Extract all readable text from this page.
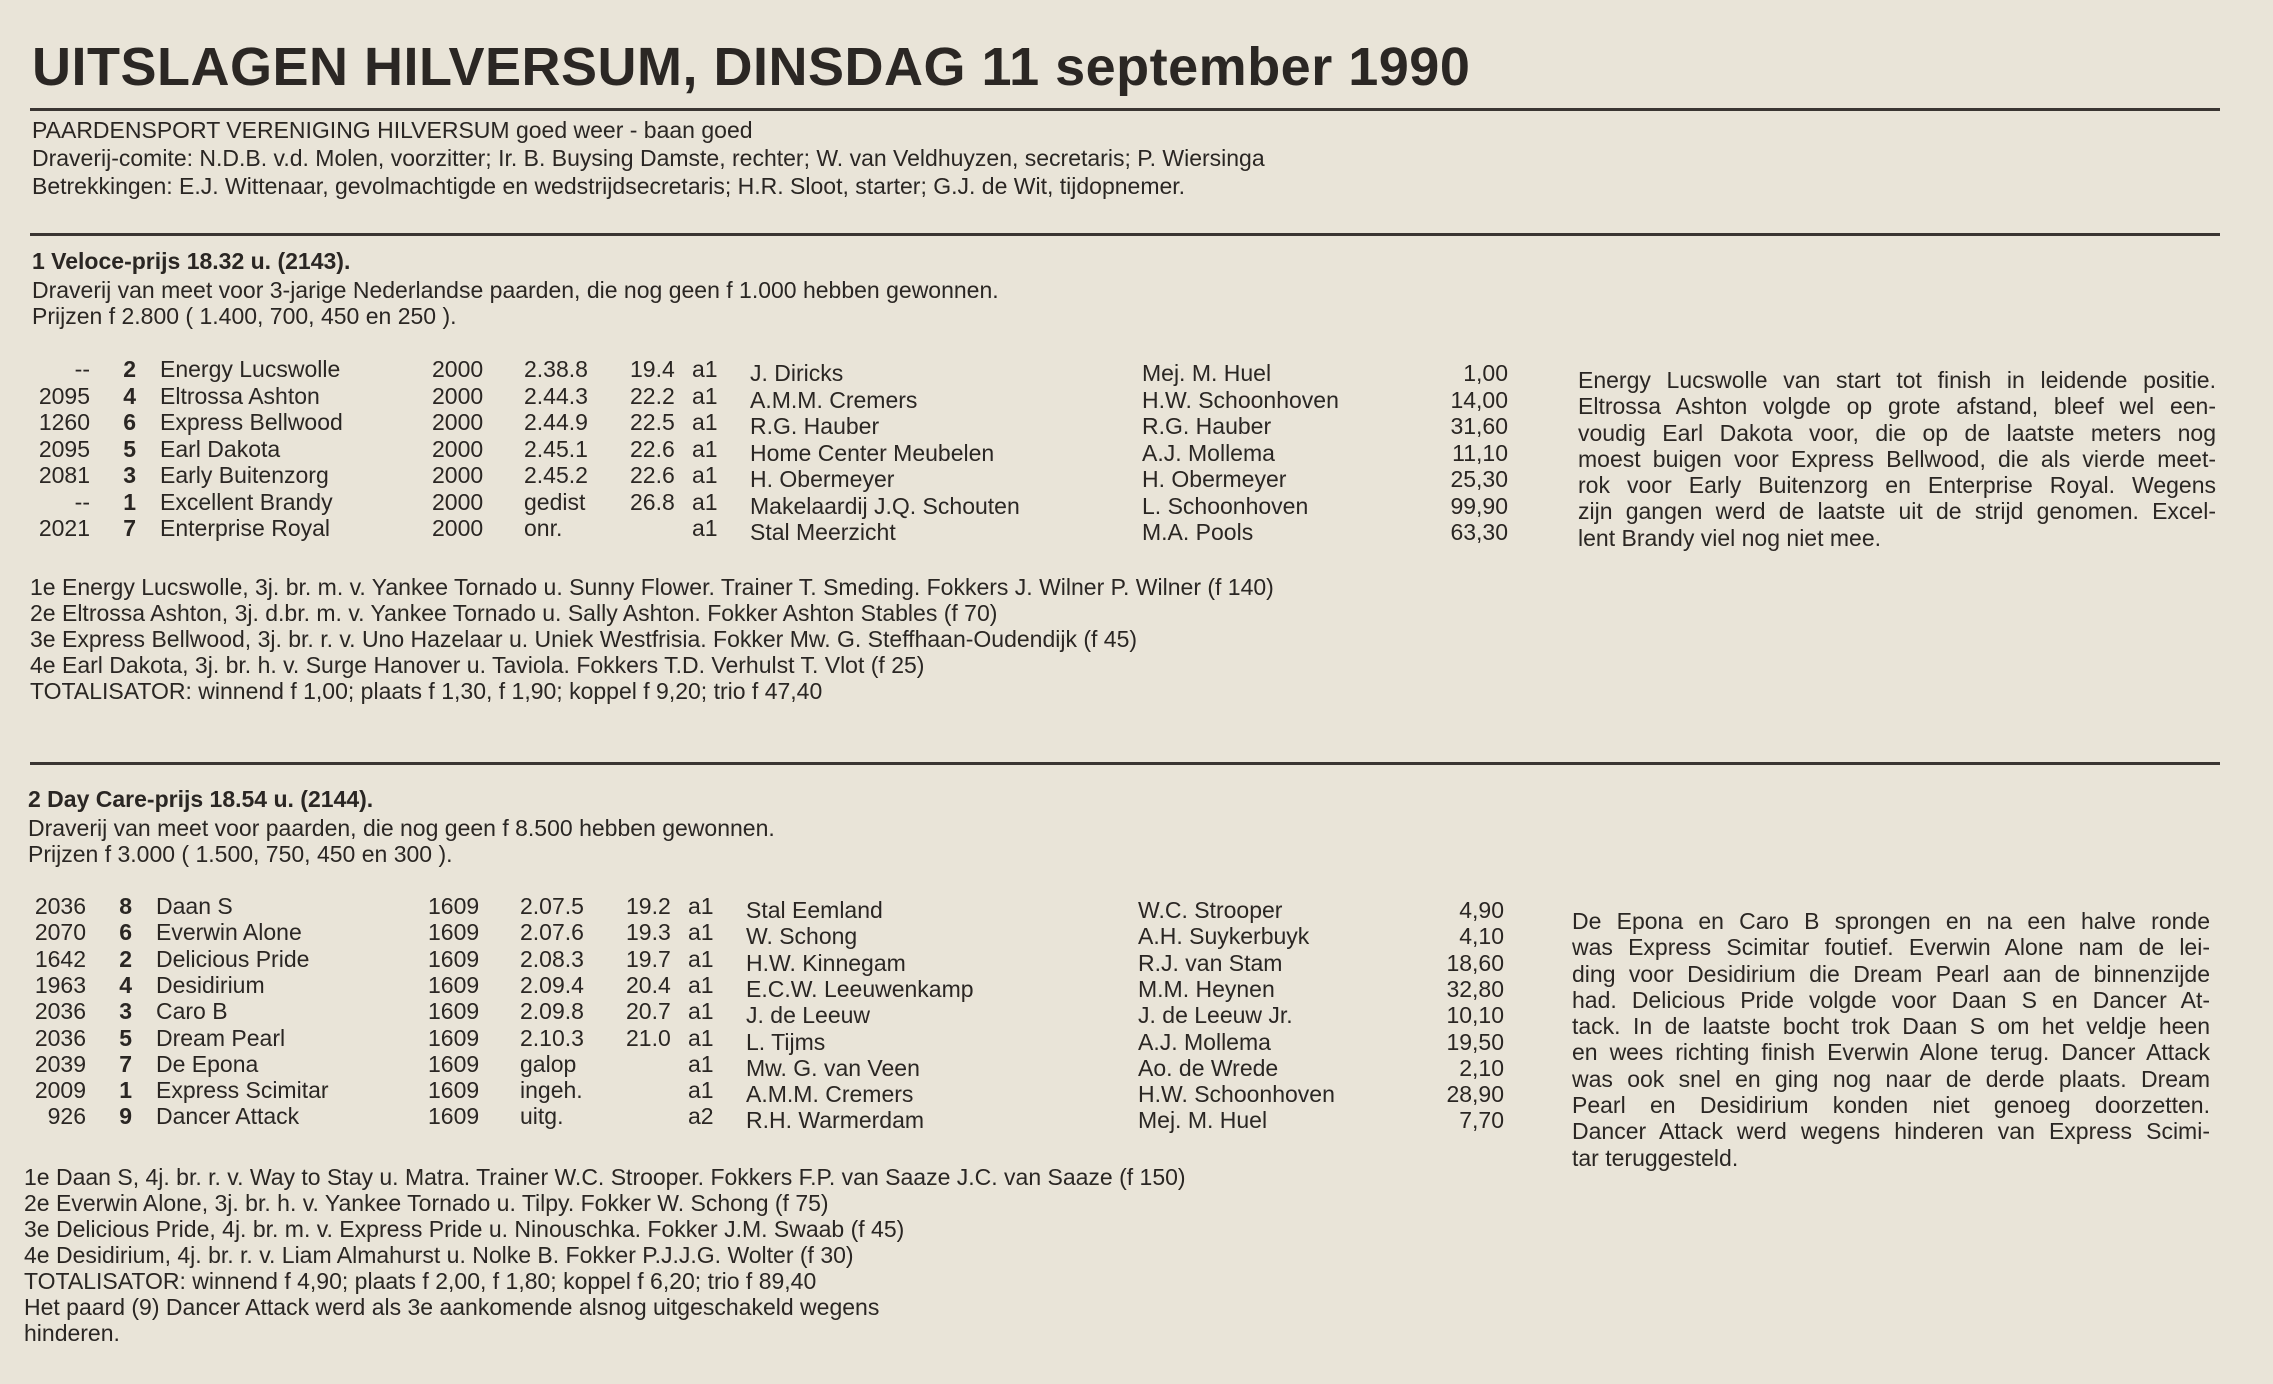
UITSLAGEN HILVERSUM, DINSDAG 11 september 1990
PAARDENSPORT VERENIGING HILVERSUM goed weer - baan goed
Draverij-comite: N.D.B. v.d. Molen, voorzitter; Ir. B. Buysing Damste, rechter; W. van Veldhuyzen, secretaris; P. Wiersinga
Betrekkingen: E.J. Wittenaar, gevolmachtigde en wedstrijdsecretaris; H.R. Sloot, starter; G.J. de Wit, tijdopnemer.
1 Veloce-prijs 18.32 u. (2143).
Draverij van meet voor 3-jarige Nederlandse paarden, die nog geen f 1.000 hebben gewonnen.
Prijzen f 2.800 ( 1.400, 700, 450 en 250 ).
-- 2 Energy Lucswolle	2000 2.38.8 19.4 a1 J. Diricks	Mej. M. Huel	1,00
2095 4 Eltrossa Ashton	2000 2.44.3 22.2 a1 A.M.M. Cremers	H.W. Schoonhoven	14,00
1260 6 Express Bellwood	2000 2.44.9 22.5 a1 R.G. Hauber	R.G. Hauber	31,60
2095 5 Earl Dakota	2000 2.45.1 22.6 a1 Home Center Meubelen	A.J. Mollema	11,10
2081 3 Early Buitenzorg	2000 2.45.2 22.6 a1 H. Obermeyer	H. Obermeyer	25,30
-- 1 Excellent Brandy	2000 gedist 26.8 a1 Makelaardij J.Q. Schouten	L. Schoonhoven	99,90
2021 7 Enterprise Royal	2000 onr.	a1 Stal Meerzicht	M.A. Pools	63,30
Energy Lucswolle van start tot finish in leidende positie.
Eltrossa Ashton volgde op grote afstand, bleef wel een-
voudig Earl Dakota voor, die op de laatste meters nog
moest buigen voor Express Bellwood, die als vierde meet-
rok voor Early Buitenzorg en Enterprise Royal. Wegens
zijn gangen werd de laatste uit de strijd genomen. Excel-
lent Brandy viel nog niet mee.
1e Energy Lucswolle, 3j. br. m. v. Yankee Tornado u. Sunny Flower. Trainer T. Smeding. Fokkers J. Wilner P. Wilner (f 140)
2e Eltrossa Ashton, 3j. d.br. m. v. Yankee Tornado u. Sally Ashton. Fokker Ashton Stables (f 70)
3e Express Bellwood, 3j. br. r. v. Uno Hazelaar u. Uniek Westfrisia. Fokker Mw. G. Steffhaan-Oudendijk (f 45)
4e Earl Dakota, 3j. br. h. v. Surge Hanover u. Taviola. Fokkers T.D. Verhulst T. Vlot (f 25)
TOTALISATOR: winnend f 1,00; plaats f 1,30, f 1,90; koppel f 9,20; trio f 47,40
2 Day Care-prijs 18.54 u. (2144).
Draverij van meet voor paarden, die nog geen f 8.500 hebben gewonnen.
Prijzen f 3.000 ( 1.500, 750, 450 en 300 ).
2036 8 Daan S	1609 2.07.5 19.2 a1 Stal Eemland	W.C. Strooper	4,90
2070 6 Everwin Alone	1609 2.07.6 19.3 a1 W. Schong	A.H. Suykerbuyk	4,10
1642 2 Delicious Pride	1609 2.08.3 19.7 a1 H.W. Kinnegam	R.J. van Stam	18,60
1963 4 Desidirium	1609 2.09.4 20.4 a1 E.C.W. Leeuwenkamp	M.M. Heynen	32,80
2036 3 Caro B	1609 2.09.8 20.7 a1 J. de Leeuw	J. de Leeuw Jr.	10,10
2036 5 Dream Pearl	1609 2.10.3 21.0 a1 L. Tijms	A.J. Mollema	19,50
2039 7 De Epona	1609 galop	a1 Mw. G. van Veen	Ao. de Wrede	2,10
2009 1 Express Scimitar	1609 ingeh.	a1 A.M.M. Cremers	H.W. Schoonhoven	28,90
926 9 Dancer Attack	1609 uitg.	a2 R.H. Warmerdam	Mej. M. Huel	7,70
De Epona en Caro B sprongen en na een halve ronde
was Express Scimitar foutief. Everwin Alone nam de lei-
ding voor Desidirium die Dream Pearl aan de binnenzijde
had. Delicious Pride volgde voor Daan S en Dancer At-
tack. In de laatste bocht trok Daan S om het veldje heen
en wees richting finish Everwin Alone terug. Dancer Attack
was ook snel en ging nog naar de derde plaats. Dream
Pearl en Desidirium konden niet genoeg doorzetten.
Dancer Attack werd wegens hinderen van Express Scimi-
tar teruggesteld.
1e Daan S, 4j. br. r. v. Way to Stay u. Matra. Trainer W.C. Strooper. Fokkers F.P. van Saaze J.C. van Saaze (f 150)
2e Everwin Alone, 3j. br. h. v. Yankee Tornado u. Tilpy. Fokker W. Schong (f 75)
3e Delicious Pride, 4j. br. m. v. Express Pride u. Ninouschka. Fokker J.M. Swaab (f 45)
4e Desidirium, 4j. br. r. v. Liam Almahurst u. Nolke B. Fokker P.J.J.G. Wolter (f 30)
TOTALISATOR: winnend f 4,90; plaats f 2,00, f 1,80; koppel f 6,20; trio f 89,40
Het paard (9) Dancer Attack werd als 3e aankomende alsnog uitgeschakeld wegens
hinderen.
